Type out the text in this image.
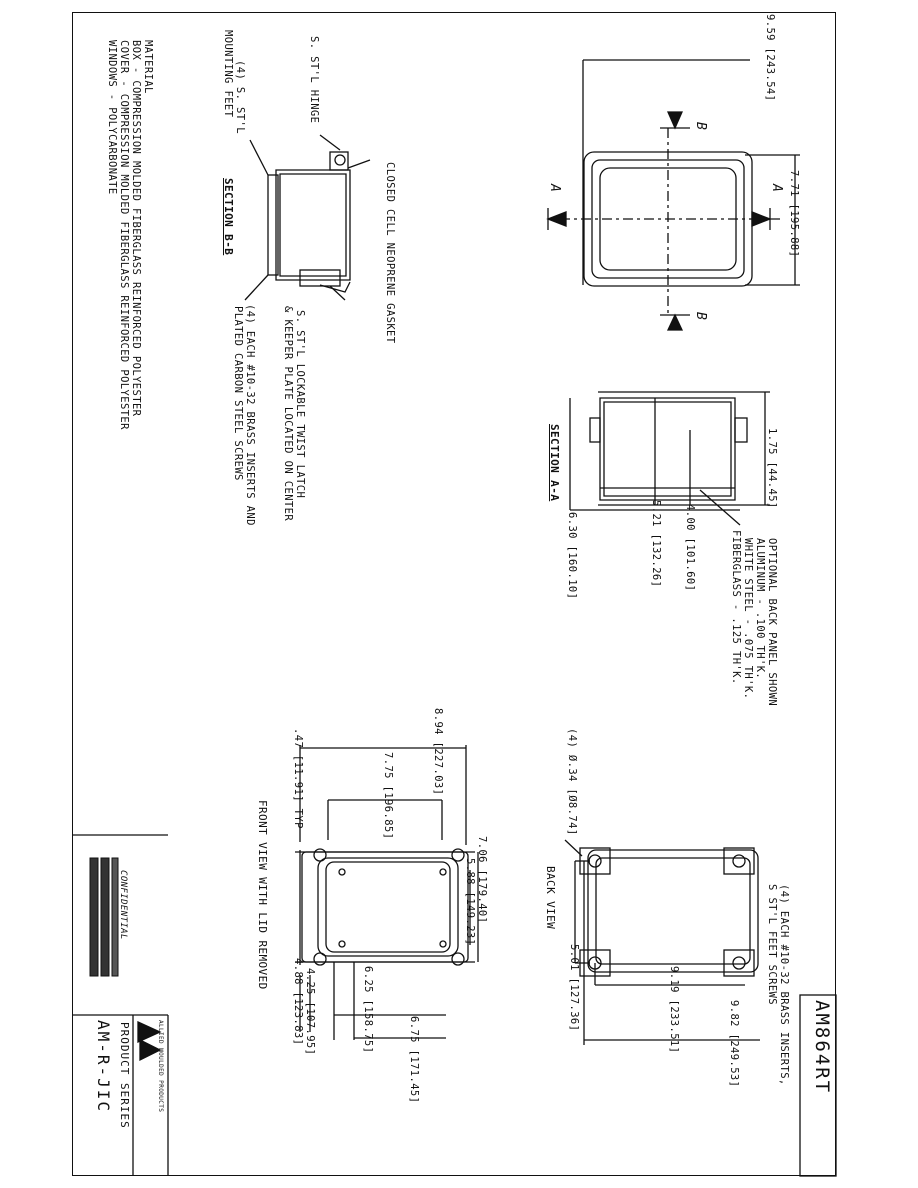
AM864RT
ALLIED MOULDED PRODUCTS
PRODUCT SERIES
AM-R-JIC
CONFIDENTIAL
MATERIAL
BOX - COMPRESSION MOLDED FIBERGLASS REINFORCED POLYESTER
COVER - COMPRESSION MOLDED FIBERGLASS REINFORCED POLYESTER
WINDOWS - POLYCARBONATE	9.59 [243.54]
7.71 [195.88]
A	A
B
B
1.75 [44.45]
5.21 [132.26] 4.00 [101.60]
6.30 [160.10]
SECTION A-A
OPTIONAL BACK PANEL SHOWN
ALUMINUM - .100 TH'K.
WHITE STEEL - .075 TH'K.
FIBERGLASS - .125 TH'K.
S. ST'L HINGE
CLOSED CELL NEOPRENE GASKET
(4) S. ST'L
MOUNTING FEET
SECTION B-B
S. ST'L LOCKABLE TWIST LATCH
& KEEPER PLATE LOCATED ON CENTER
(4) EACH #10-32 BRASS INSERTS AND
PLATED CARBON STEEL SCREWS
BACK VIEW
(4) Ø.34 [Ø8.74]
5.01 [127.36]	9.19 [233.51]	9.82 [249.53]	(4) EACH #10-32 BRASS INSERTS,
S ST'L FEET SCREWS
FRONT VIEW WITH LID REMOVED
8.94 [227.03]
7.75 [196.85]
.47 [11.91] TYP
7.06 [179.40]
5.88 [149.23]
6.25 [158.75]
6.75 [171.45]
4.25 [107.95]
4.88 [123.83]
